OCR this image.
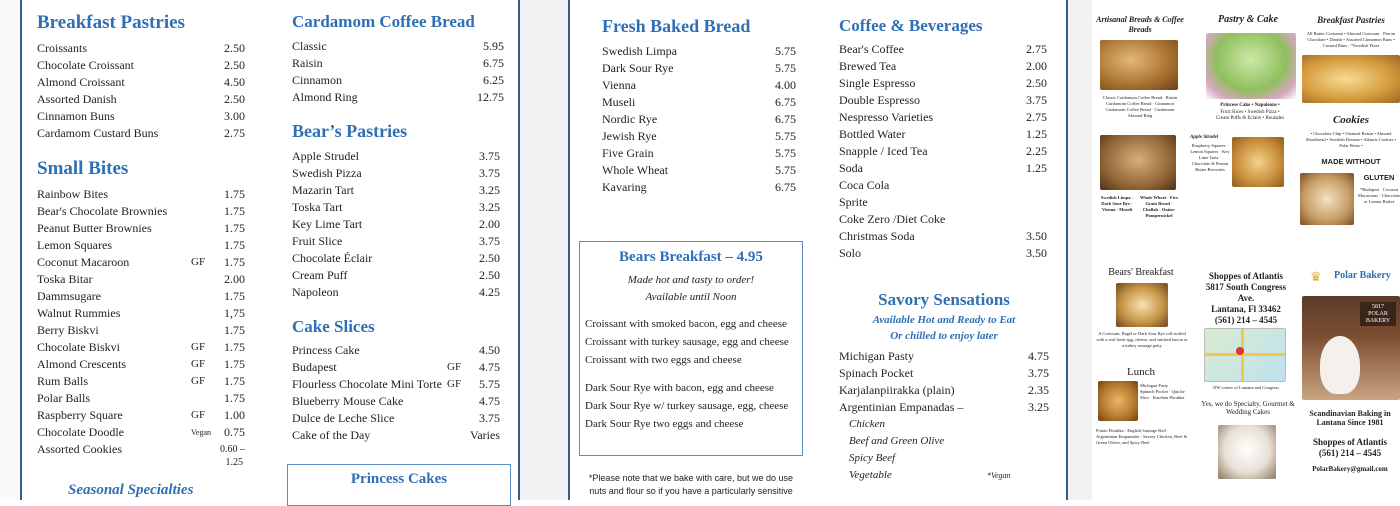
Breakfast Pastries
Croissants	2.50
Chocolate Croissant	2.50
Almond Croissant	4.50
Assorted Danish	2.50
Cinnamon Buns	3.00
Cardamom Custard Buns	2.75
Small Bites
Rainbow Bites	1.75
Bear's Chocolate Brownies	1.75
Peanut Butter Brownies	1.75
Lemon Squares	1.75
Coconut Macaroon	GF 1.75
Toska Bitar	2.00
Dammsugare	1.75
Walnut Rummies	1,75
Berry Biskvi	1.75
Chocolate Biskvi	GF 1.75
Almond Crescents	GF 1.75
Rum Balls	GF 1.75
Polar Balls	1.75
Raspberry Square	GF 1.00
Chocolate Doodle	Vegan 0.75
Assorted Cookies	0.60 –
1.25
Seasonal Specialties
Cardamom Coffee Bread
Classic	5.95
Raisin	6.75
Cinnamon	6.25
Almond Ring	12.75
Bear’s Pastries
Apple Strudel	3.75
Swedish Pizza	3.75
Mazarin Tart	3.25
Toska Tart	3.25
Key Lime Tart	2.00
Fruit Slice	3.75
Chocolate Éclair	2.50
Cream Puff	2.50
Napoleon	4.25
Cake Slices
Princess Cake	4.50
Budapest	GF 4.75
Flourless Chocolate Mini Torte GF 5.75
Blueberry Mouse Cake	4.75
Dulce de Leche Slice	3.75
Cake of the Day	Varies
Princess Cakes
Fresh Baked Bread
Swedish Limpa	5.75
Dark Sour Rye	5.75
Vienna	4.00
Museli	6.75
Nordic Rye	6.75
Jewish Rye	5.75
Five Grain	5.75
Whole Wheat	5.75
Kavaring	6.75
Bears Breakfast – 4.95
Made hot and tasty to order!
Available until Noon
Croissant with smoked bacon, egg and cheese
Croissant with turkey sausage, egg and cheese
Croissant with two eggs and cheese
Dark Sour Rye with bacon, egg and cheese
Dark Sour Rye w/ turkey sausage, egg, cheese
Dark Sour Rye two eggs and cheese
*Please note that we bake with care, but we do use
nuts and flour so if you have a particularly sensitive
Coffee & Beverages
Bear's Coffee	2.75
Brewed Tea	2.00
Single Espresso	2.50
Double Espresso	3.75
Nespresso Varieties	2.75
Bottled Water	1.25
Snapple / Iced Tea	2.25
Soda	1.25
Coca Cola
Sprite
Coke Zero /Diet Coke
Christmas Soda	3.50
Solo	3.50
Savory Sensations
Available Hot and Ready to Eat
Or chilled to enjoy later
Michigan Pasty	4.75
Spinach Pocket	3.75
Karjalanpiirakka (plain)	2.35
Argentinian Empanadas –	3.25
Chicken
Beef and Green Olive
Spicy Beef
Vegetable	*Vegan
Artisanal Breads & Coffee Breads
Classic Cardamom Coffee Bread · Raisin Cardamom Coffee Bread · Cinnamon Cardamom Coffee Bread · Cardamom Almond Ring
Swedish Limpa · Dark Sour Rye · Vienna · Museli
Whole Wheat · Five Grain Bread · Challah · Onion-Pumpernickel
Pastry & Cake
Princess Cake • Napoleons •
Fruit Slices • Swedish Pizza •
Cream Puffs & Eclairs • Roulades
Apple Strudel
Raspberry Squares · Lemon Squares · Key Lime Tarts · Chocolate & Peanut Butter Brownies
Breakfast Pastries
All Butter Croissant • Almond Croissant · Pan au Chocolate • Danish • Assorted Cinnamon Buns • Custard Buns · *Swedish Pizza
Cookies
• Chocolate Chip • Oatmeal Raisin • Almond Shortbread • Swedish Dreams • Atlantis Cookies • Polar Bears •
MADE WITHOUT
GLUTEN
*Budapest · Coconut Macaroons · Chocolate or Lemon Biskvi
Bears' Breakfast
A Croissant, Bagel or Dark Sour Rye roll stuffed with a real fresh egg, cheese, and smoked bacon or a turkey sausage patty
Lunch
Michigan Pasty · Spinach Pocket · Quiche Slice · Karelian Piirakka
Potato Piirakka · English Sausage Roll · Argentinian Empanadas - Savory Chicken, Beef & Green Olives, and Spicy Beef
Shoppes of Atlantis
5817 South Congress
Ave.
Lantana, Fl 33462
(561) 214 – 4545
NW corner of Lantana and Congress
Yes, we do Specialty, Gourmet & Wedding Cakes
♛ Polar Bakery
5817
POLAR BAKERY
Scandinavian Baking in Lantana Since 1981
Shoppes of Atlantis
(561) 214 – 4545
PolarBakery@gmail.com
